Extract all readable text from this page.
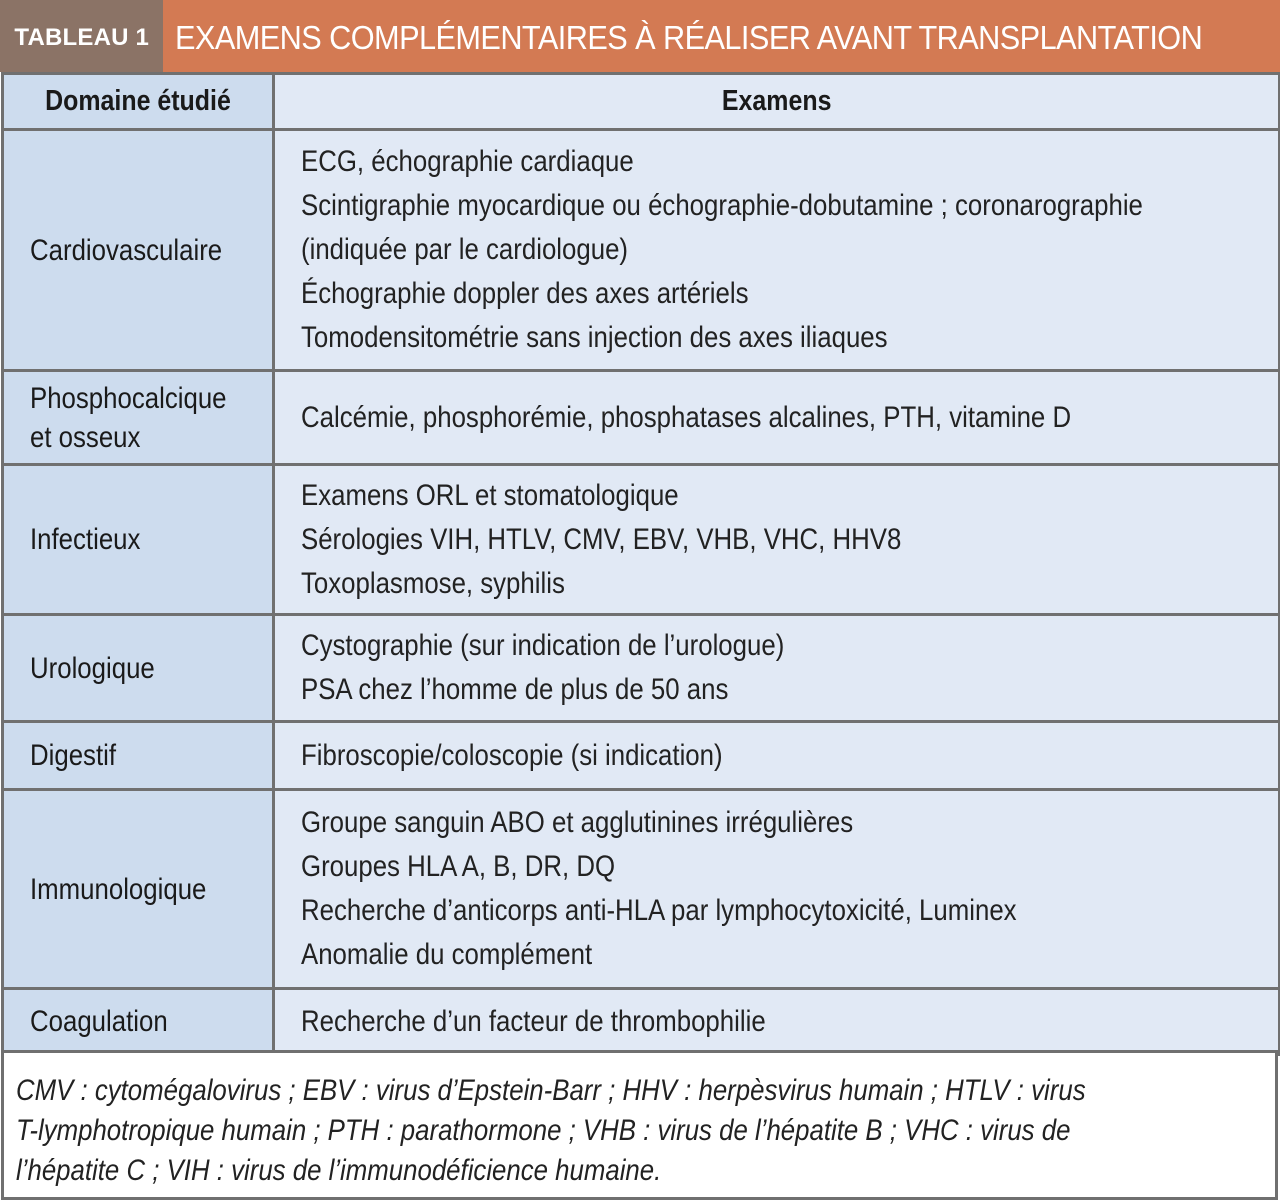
TABLEAU 1 EXAMENS COMPLÉMENTAIRES À RÉALISER AVANT TRANSPLANTATION
Domaine étudié	Examens

Cardiovasculaire	ECG, échographie cardiaque
Scintigraphie myocardique ou échographie-dobutamine ; coronarographie
(indiquée par le cardiologue)
Échographie doppler des axes artériels
Tomodensitométrie sans injection des axes iliaques

Phosphocalcique
et osseux	Calcémie, phosphorémie, phosphatases alcalines, PTH, vitamine D

Infectieux	Examens ORL et stomatologique
Sérologies VIH, HTLV, CMV, EBV, VHB, VHC, HHV8
Toxoplasmose, syphilis

Urologique	Cystographie (sur indication de l’urologue)
PSA chez l’homme de plus de 50 ans

Digestif	Fibroscopie/coloscopie (si indication)

Immunologique	Groupe sanguin ABO et agglutinines irrégulières
Groupes HLA A, B, DR, DQ
Recherche d’anticorps anti-HLA par lymphocytoxicité, Luminex
Anomalie du complément

Coagulation	Recherche d’un facteur de thrombophilie
CMV : cytomégalovirus ; EBV : virus d’Epstein-Barr ; HHV : herpèsvirus humain ; HTLV : virus
T-lymphotropique humain ; PTH : parathormone ; VHB : virus de l’hépatite B ; VHC : virus de
l’hépatite C ; VIH : virus de l’immunodéficience humaine.
